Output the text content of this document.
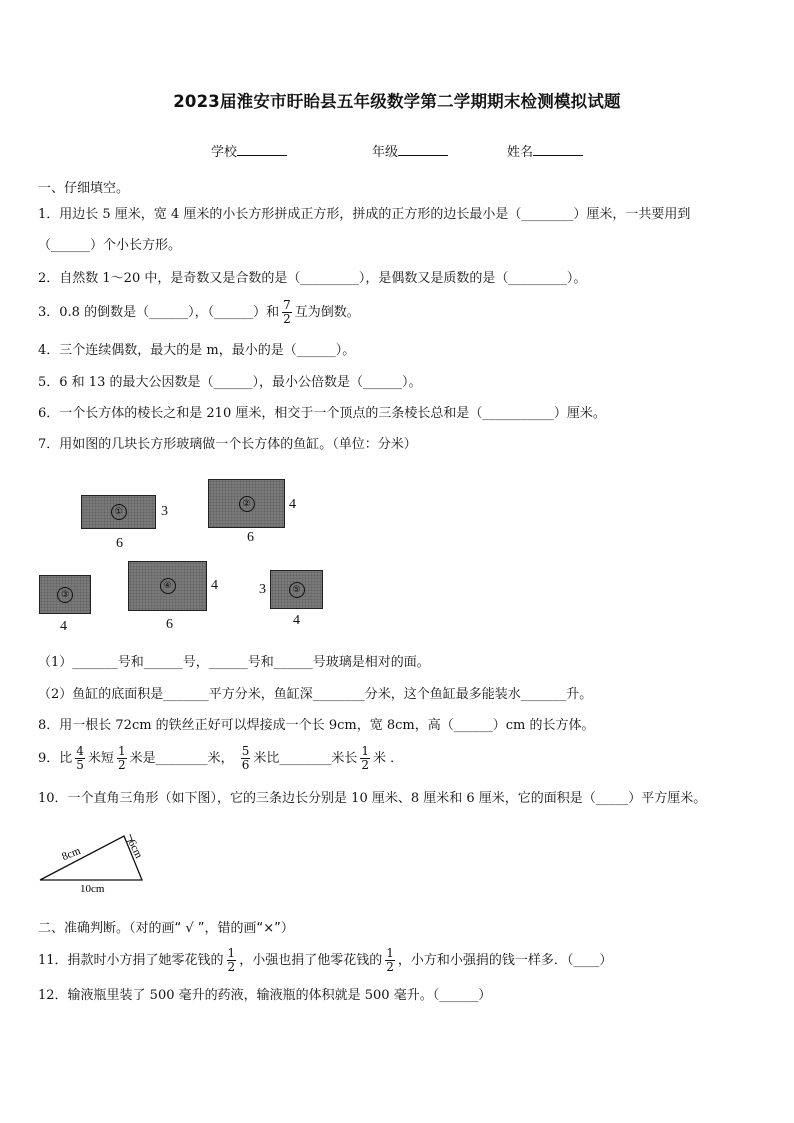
2023届淮安市盱眙县五年级数学第二学期期末检测模拟试题
学校	年级	姓名
一、仔细填空。
1．用边长 5 厘米，宽 4 厘米的小长方形拼成正方形，拼成的正方形的边长最小是（________）厘米，一共要用到
（______）个小长方形。
2．自然数 1～20 中，是奇数又是合数的是（_________），是偶数又是质数的是（_________）。
3．0.8 的倒数是（______），（______）和 $\frac{7}{2}$ 互为倒数。
4．三个连续偶数，最大的是 m，最小的是（______）。
5．6 和 13 的最大公因数是（______），最小公倍数是（______）。
6．一个长方体的棱长之和是 210 厘米，相交于一个顶点的三条棱长总和是（___________）厘米。
7．用如图的几块长方形玻璃做一个长方体的鱼缸。（单位：分米）
①	3
6
②	4
6
③
4
④	4
6
⑤
3
4
（1）_______号和______号，______号和______号玻璃是相对的面。
（2）鱼缸的底面积是_______平方分米，鱼缸深________分米，这个鱼缸最多能装水_______升。
8．用一根长 72cm 的铁丝正好可以焊接成一个长 9cm，宽 8cm，高（______）cm 的长方体。
9．比 $\frac{4}{5}$ 米短 $\frac{1}{2}$ 米是________米， $\frac{5}{6}$ 米比________米长 $\frac{1}{2}$ 米 ．
10．一个直角三角形（如下图），它的三条边长分别是 10 厘米、8 厘米和 6 厘米，它的面积是（_____）平方厘米。
8cm	6cm
10cm
二、准确判断。（对的画“ √ ”，错的画“×”）
11．捐款时小方捐了她零花钱的 $\frac{1}{2}$ ，小强也捐了他零花钱的 $\frac{1}{2}$ ，小方和小强捐的钱一样多．（____）
12．输液瓶里装了 500 毫升的药液，输液瓶的体积就是 500 毫升。（______）
